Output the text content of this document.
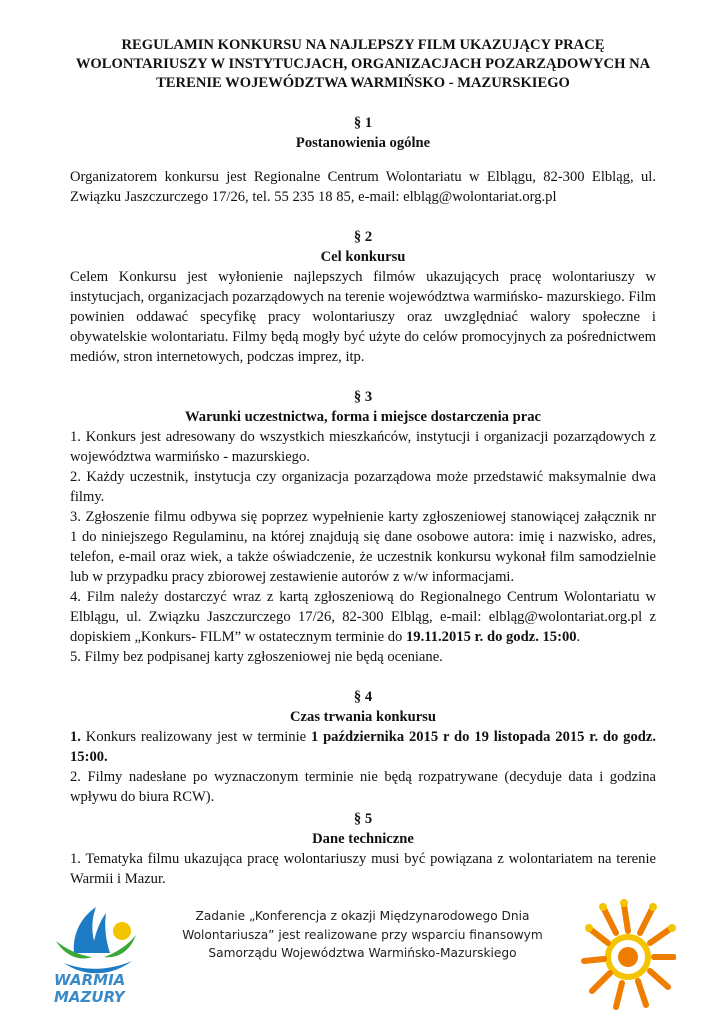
REGULAMIN KONKURSU NA NAJLEPSZY FILM UKAZUJĄCY PRACĘ
WOLONTARIUSZY W INSTYTUCJACH, ORGANIZACJACH POZARZĄDOWYCH NA
TERENIE WOJEWÓDZTWA WARMIŃSKO - MAZURSKIEGO
§ 1
Postanowienia ogólne

Organizatorem konkursu jest Regionalne Centrum Wolontariatu w Elblągu, 82-300 Elbląg, ul. Związku Jaszczurczego 17/26, tel. 55 235 18 85, e-mail: elbląg@wolontariat.org.pl

§ 2
Cel konkursu

Celem Konkursu jest wyłonienie najlepszych filmów ukazujących pracę wolontariuszy w instytucjach, organizacjach pozarządowych na terenie województwa warmińsko- mazurskiego. Film powinien oddawać specyfikę pracy wolontariuszy oraz uwzględniać walory społeczne i obywatelskie wolontariatu. Filmy będą mogły być użyte do celów promocyjnych za pośrednictwem mediów, stron internetowych, podczas imprez, itp.

§ 3
Warunki uczestnictwa, forma i miejsce dostarczenia prac

1. Konkurs jest adresowany do wszystkich mieszkańców, instytucji i organizacji pozarządowych z województwa warmińsko - mazurskiego.

2. Każdy uczestnik, instytucja czy organizacja pozarządowa może przedstawić maksymalnie dwa filmy.

3. Zgłoszenie filmu odbywa się poprzez wypełnienie karty zgłoszeniowej stanowiącej załącznik nr 1 do niniejszego Regulaminu, na której znajdują się dane osobowe autora: imię i nazwisko, adres, telefon, e-mail oraz wiek, a także oświadczenie, że uczestnik konkursu wykonał film samodzielnie lub w przypadku pracy zbiorowej zestawienie autorów z w/w informacjami.

4. Film należy dostarczyć wraz z kartą zgłoszeniową do Regionalnego Centrum Wolontariatu w Elblągu, ul. Związku Jaszczurczego 17/26, 82-300 Elbląg, e-mail: elbląg@wolontariat.org.pl z dopiskiem „Konkurs- FILM” w ostatecznym terminie do 19.11.2015 r. do godz. 15:00.

5. Filmy bez podpisanej karty zgłoszeniowej nie będą oceniane.

§ 4
Czas trwania konkursu

1. Konkurs realizowany jest w terminie 1 października 2015 r do 19 listopada 2015 r. do godz. 15:00.

2. Filmy nadesłane po wyznaczonym terminie nie będą rozpatrywane (decyduje data i godzina wpływu do biura RCW).

§ 5
Dane techniczne

1. Tematyka filmu ukazująca pracę wolontariuszy musi być powiązana z wolontariatem na terenie Warmii i Mazur.

WARMIA
MAZURY
Zadanie „Konferencja z okazji Międzynarodowego Dnia
Wolontariusza” jest realizowane przy wsparciu finansowym
Samorządu Województwa Warmińsko-Mazurskiego
